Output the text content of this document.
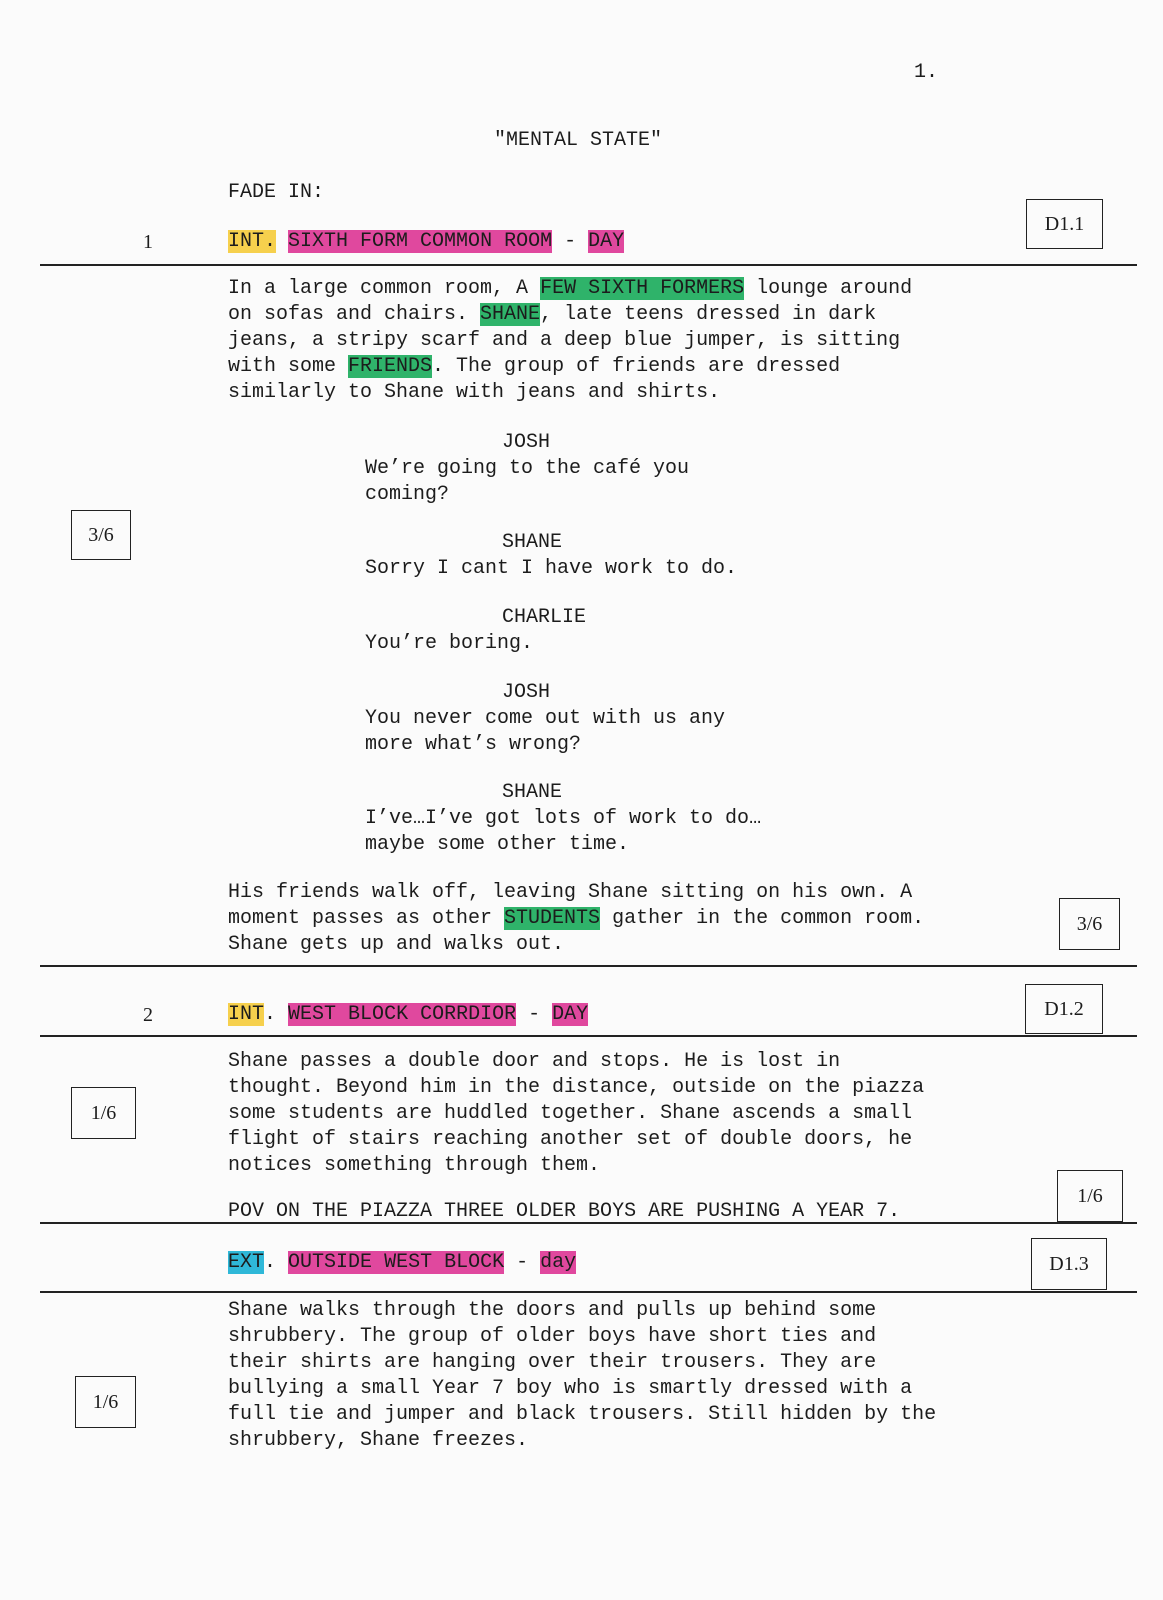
1.
"MENTAL STATE"
FADE IN:
1	INT. SIXTH FORM COMMON ROOM - DAY
D1.1
In a large common room, A FEW SIXTH FORMERS lounge around
on sofas and chairs. SHANE, late teens dressed in dark
jeans, a stripy scarf and a deep blue jumper, is sitting
with some FRIENDS. The group of friends are dressed
similarly to Shane with jeans and shirts.
JOSH
We’re going to the café you
coming?
3/6	SHANE
Sorry I cant I have work to do.
CHARLIE
You’re boring.
JOSH
You never come out with us any
more what’s wrong?
SHANE
I’ve…I’ve got lots of work to do…
maybe some other time.
His friends walk off, leaving Shane sitting on his own. A
moment passes as other STUDENTS gather in the common room.
Shane gets up and walks out.
3/6
2	INT. WEST BLOCK CORRDIOR - DAY	D1.2
Shane passes a double door and stops. He is lost in
thought. Beyond him in the distance, outside on the piazza
some students are huddled together. Shane ascends a small
flight of stairs reaching another set of double doors, he
notices something through them.
1/6
1/6
POV ON THE PIAZZA THREE OLDER BOYS ARE PUSHING A YEAR 7.
EXT. OUTSIDE WEST BLOCK - day	D1.3
Shane walks through the doors and pulls up behind some
shrubbery. The group of older boys have short ties and
their shirts are hanging over their trousers. They are
bullying a small Year 7 boy who is smartly dressed with a
full tie and jumper and black trousers. Still hidden by the
shrubbery, Shane freezes.
1/6
